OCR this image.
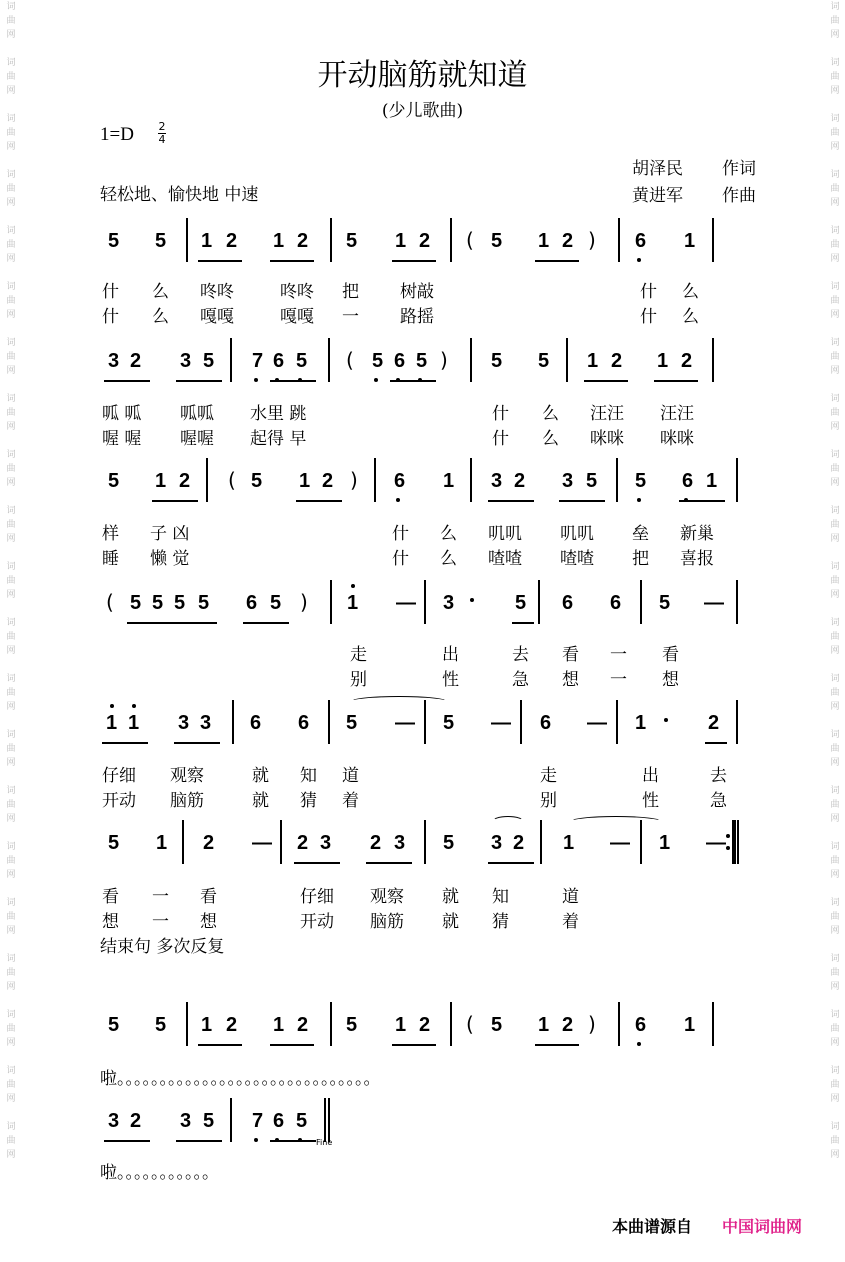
词曲网
词曲网
词曲网
词曲网
词曲网
词曲网
词曲网
词曲网
词曲网
词曲网
词曲网
词曲网
词曲网
词曲网
词曲网
词曲网
词曲网
词曲网
词曲网
词曲网
词曲网
词曲网
词曲网
词曲网
词曲网
词曲网
词曲网
词曲网
词曲网
词曲网
词曲网
词曲网
词曲网
词曲网
词曲网
词曲网
词曲网
词曲网
词曲网
词曲网
词曲网
词曲网
开动脑筋就知道
(少儿歌曲)
1=D 2
4
胡泽民 作词
黄进军 作曲
轻松地、愉快地 中速
5 5 1 2 1 2 5 1 2	5 1 2	6 1
(	)
3 2 3 5 7 6 5	5 6 5	5 5 1 2 1 2
(	)
5 1 2	5 1 2	6 1 3 2 3 5 5 6 1
(	)
5 5 5 5 6 5	1 — 3	5 6 6 5 —
(	)
1 1 3 3 6 6 5 — 5 — 6 — 1	2
5 1 2 — 2 3 2 3 5 3 2 1 — 1 —
5 5 1 2 1 2 5 1 2	5 1 2	6 1
(	)
3 2 3 5 7 6 5
Fine
什 么 咚咚	咚咚 把 树敲	什 么
什 么 嘎嘎	嘎嘎 一 路摇	什 么
呱 呱 呱呱 水里 跳	什 么 汪汪 汪汪
喔 喔 喔喔 起得 早	什 么 咪咪 咪咪
样 子 凶	什 么 叽叽 叽叽 垒 新巢
睡 懒 觉	什 么 喳喳 喳喳 把 喜报
走	出	去 看 一 看
别	性	急 想 一 想
仔细 观察	就 知 道	走	出	去
开动 脑筋	就 猜 着	别	性	急
看 一 看	仔细 观察 就 知	道
想 一 想	开动 脑筋 就 猜	着
结束句 多次反复
啦。。。。。。。。。。。。。。。。。。。。。。。。。。。。。。
啦。。。。。。。。。。。
本曲谱源自 中国词曲网
